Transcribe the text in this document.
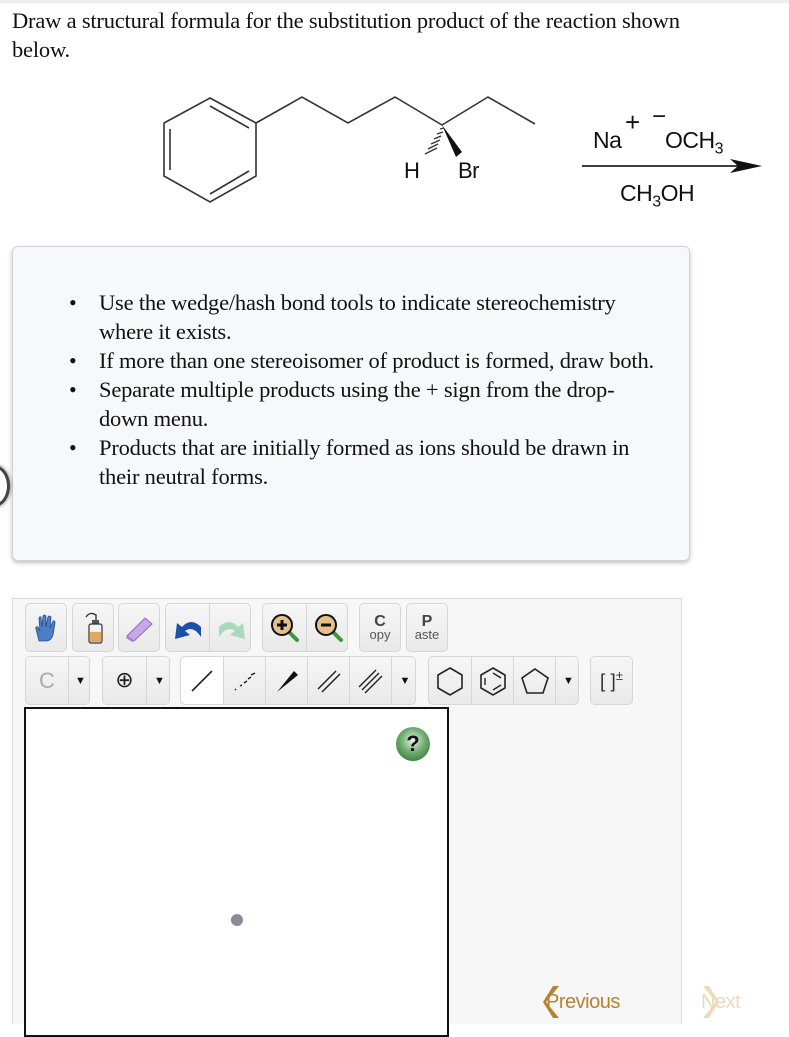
Draw a structural formula for the substitution product of the reaction shown below.
H Br
Na
+ −
$OCH_3$
$CH_3OH$
• Use the wedge/hash bond tools to indicate stereochemistry where it exists.
• If more than one stereoisomer of product is formed, draw both.
• Separate multiple products using the + sign from the drop-down menu.
• Products that are initially formed as ions should be drawn in their neutral forms.
C
opy
P
aste
C ▼ ⊕ ▼	▼	▼ [ ]±
?
Previous	Next
